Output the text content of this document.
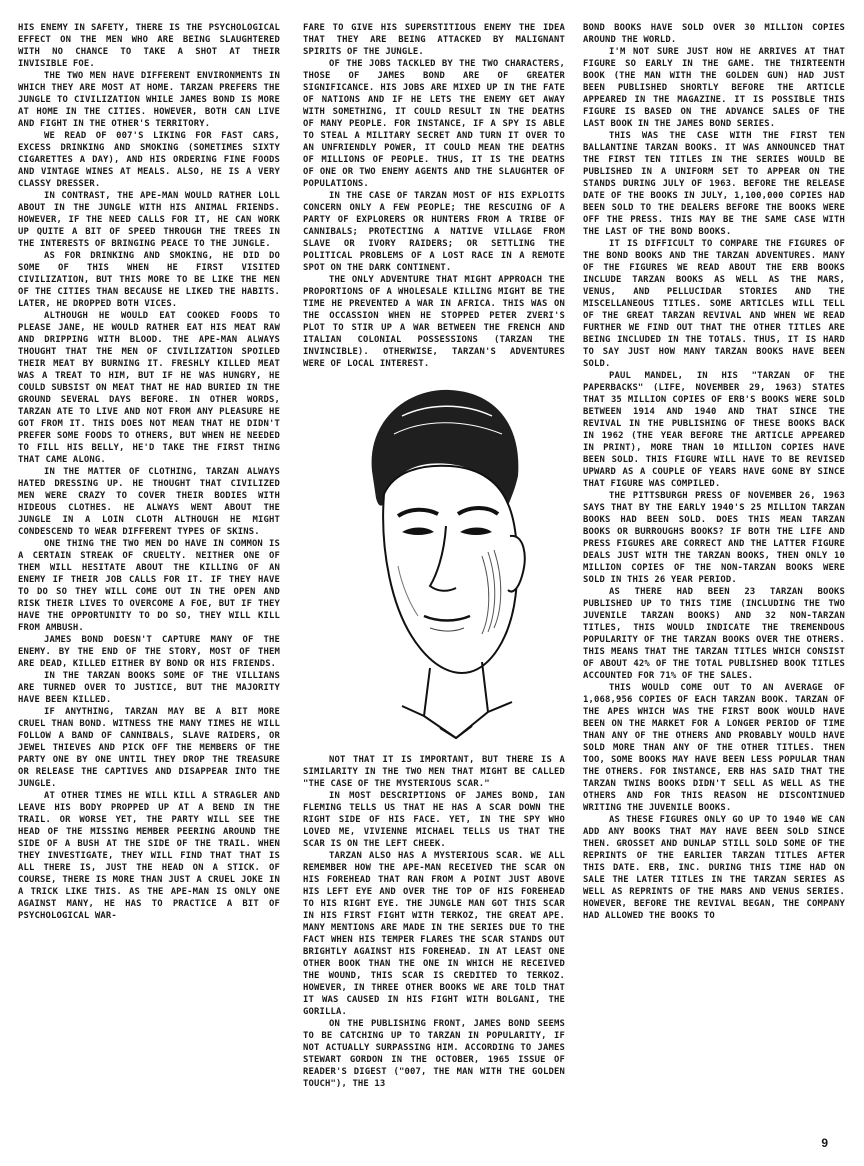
HIS ENEMY IN SAFETY, THERE IS THE PSYCHOLOGICAL EFFECT ON THE MEN WHO ARE BEING SLAUGHTERED WITH NO CHANCE TO TAKE A SHOT AT THEIR INVISIBLE FOE.

THE TWO MEN HAVE DIFFERENT ENVIRONMENTS IN WHICH THEY ARE MOST AT HOME. TARZAN PREFERS THE JUNGLE TO CIVILIZATION WHILE JAMES BOND IS MORE AT HOME IN THE CITIES. HOWEVER, BOTH CAN LIVE AND FIGHT IN THE OTHER'S TERRITORY.

WE READ OF 007'S LIKING FOR FAST CARS, EXCESS DRINKING AND SMOKING (SOMETIMES SIXTY CIGARETTES A DAY), AND HIS ORDERING FINE FOODS AND VINTAGE WINES AT MEALS. ALSO, HE IS A VERY CLASSY DRESSER.

IN CONTRAST, THE APE-MAN WOULD RATHER LOLL ABOUT IN THE JUNGLE WITH HIS ANIMAL FRIENDS. HOWEVER, IF THE NEED CALLS FOR IT, HE CAN WORK UP QUITE A BIT OF SPEED THROUGH THE TREES IN THE INTERESTS OF BRINGING PEACE TO THE JUNGLE.

AS FOR DRINKING AND SMOKING, HE DID DO SOME OF THIS WHEN HE FIRST VISITED CIVILIZATION, BUT THIS MORE TO BE LIKE THE MEN OF THE CITIES THAN BECAUSE HE LIKED THE HABITS. LATER, HE DROPPED BOTH VICES.

ALTHOUGH HE WOULD EAT COOKED FOODS TO PLEASE JANE, HE WOULD RATHER EAT HIS MEAT RAW AND DRIPPING WITH BLOOD. THE APE-MAN ALWAYS THOUGHT THAT THE MEN OF CIVILIZATION SPOILED THEIR MEAT BY BURNING IT. FRESHLY KILLED MEAT WAS A TREAT TO HIM, BUT IF HE WAS HUNGRY, HE COULD SUBSIST ON MEAT THAT HE HAD BURIED IN THE GROUND SEVERAL DAYS BEFORE. IN OTHER WORDS, TARZAN ATE TO LIVE AND NOT FROM ANY PLEASURE HE GOT FROM IT. THIS DOES NOT MEAN THAT HE DIDN'T PREFER SOME FOODS TO OTHERS, BUT WHEN HE NEEDED TO FILL HIS BELLY, HE'D TAKE THE FIRST THING THAT CAME ALONG.

IN THE MATTER OF CLOTHING, TARZAN ALWAYS HATED DRESSING UP. HE THOUGHT THAT CIVILIZED MEN WERE CRAZY TO COVER THEIR BODIES WITH HIDEOUS CLOTHES. HE ALWAYS WENT ABOUT THE JUNGLE IN A LOIN CLOTH ALTHOUGH HE MIGHT CONDESCEND TO WEAR DIFFERENT TYPES OF SKINS.

ONE THING THE TWO MEN DO HAVE IN COMMON IS A CERTAIN STREAK OF CRUELTY. NEITHER ONE OF THEM WILL HESITATE ABOUT THE KILLING OF AN ENEMY IF THEIR JOB CALLS FOR IT. IF THEY HAVE TO DO SO THEY WILL COME OUT IN THE OPEN AND RISK THEIR LIVES TO OVERCOME A FOE, BUT IF THEY HAVE THE OPPORTUNITY TO DO SO, THEY WILL KILL FROM AMBUSH.

JAMES BOND DOESN'T CAPTURE MANY OF THE ENEMY. BY THE END OF THE STORY, MOST OF THEM ARE DEAD, KILLED EITHER BY BOND OR HIS FRIENDS.

IN THE TARZAN BOOKS SOME OF THE VILLIANS ARE TURNED OVER TO JUSTICE, BUT THE MAJORITY HAVE BEEN KILLED.

IF ANYTHING, TARZAN MAY BE A BIT MORE CRUEL THAN BOND. WITNESS THE MANY TIMES HE WILL FOLLOW A BAND OF CANNIBALS, SLAVE RAIDERS, OR JEWEL THIEVES AND PICK OFF THE MEMBERS OF THE PARTY ONE BY ONE UNTIL THEY DROP THE TREASURE OR RELEASE THE CAPTIVES AND DISAPPEAR INTO THE JUNGLE.

AT OTHER TIMES HE WILL KILL A STRAGLER AND LEAVE HIS BODY PROPPED UP AT A BEND IN THE TRAIL. OR WORSE YET, THE PARTY WILL SEE THE HEAD OF THE MISSING MEMBER PEERING AROUND THE SIDE OF A BUSH AT THE SIDE OF THE TRAIL. WHEN THEY INVESTIGATE, THEY WILL FIND THAT THAT IS ALL THERE IS, JUST THE HEAD ON A STICK. OF COURSE, THERE IS MORE THAN JUST A CRUEL JOKE IN A TRICK LIKE THIS. AS THE APE-MAN IS ONLY ONE AGAINST MANY, HE HAS TO PRACTICE A BIT OF PSYCHOLOGICAL WAR-

FARE TO GIVE HIS SUPERSTITIOUS ENEMY THE IDEA THAT THEY ARE BEING ATTACKED BY MALIGNANT SPIRITS OF THE JUNGLE.

OF THE JOBS TACKLED BY THE TWO CHARACTERS, THOSE OF JAMES BOND ARE OF GREATER SIGNIFICANCE. HIS JOBS ARE MIXED UP IN THE FATE OF NATIONS AND IF HE LETS THE ENEMY GET AWAY WITH SOMETHING, IT COULD RESULT IN THE DEATHS OF MANY PEOPLE. FOR INSTANCE, IF A SPY IS ABLE TO STEAL A MILITARY SECRET AND TURN IT OVER TO AN UNFRIENDLY POWER, IT COULD MEAN THE DEATHS OF MILLIONS OF PEOPLE. THUS, IT IS THE DEATHS OF ONE OR TWO ENEMY AGENTS AND THE SLAUGHTER OF POPULATIONS.

IN THE CASE OF TARZAN MOST OF HIS EXPLOITS CONCERN ONLY A FEW PEOPLE; THE RESCUING OF A PARTY OF EXPLORERS OR HUNTERS FROM A TRIBE OF CANNIBALS; PROTECTING A NATIVE VILLAGE FROM SLAVE OR IVORY RAIDERS; OR SETTLING THE POLITICAL PROBLEMS OF A LOST RACE IN A REMOTE SPOT ON THE DARK CONTINENT.

THE ONLY ADVENTURE THAT MIGHT APPROACH THE PROPORTIONS OF A WHOLESALE KILLING MIGHT BE THE TIME HE PREVENTED A WAR IN AFRICA. THIS WAS ON THE OCCASSION WHEN HE STOPPED PETER ZVERI'S PLOT TO STIR UP A WAR BETWEEN THE FRENCH AND ITALIAN COLONIAL POSSESSIONS (TARZAN THE INVINCIBLE). OTHERWISE, TARZAN'S ADVENTURES WERE OF LOCAL INTEREST.

NOT THAT IT IS IMPORTANT, BUT THERE IS A SIMILARITY IN THE TWO MEN THAT MIGHT BE CALLED "THE CASE OF THE MYSTERIOUS SCAR."

IN MOST DESCRIPTIONS OF JAMES BOND, IAN FLEMING TELLS US THAT HE HAS A SCAR DOWN THE RIGHT SIDE OF HIS FACE. YET, IN THE SPY WHO LOVED ME, VIVIENNE MICHAEL TELLS US THAT THE SCAR IS ON THE LEFT CHEEK.

TARZAN ALSO HAS A MYSTERIOUS SCAR. WE ALL REMEMBER HOW THE APE-MAN RECEIVED THE SCAR ON HIS FOREHEAD THAT RAN FROM A POINT JUST ABOVE HIS LEFT EYE AND OVER THE TOP OF HIS FOREHEAD TO HIS RIGHT EYE. THE JUNGLE MAN GOT THIS SCAR IN HIS FIRST FIGHT WITH TERKOZ, THE GREAT APE. MANY MENTIONS ARE MADE IN THE SERIES DUE TO THE FACT WHEN HIS TEMPER FLARES THE SCAR STANDS OUT BRIGHTLY AGAINST HIS FOREHEAD. IN AT LEAST ONE OTHER BOOK THAN THE ONE IN WHICH HE RECEIVED THE WOUND, THIS SCAR IS CREDITED TO TERKOZ. HOWEVER, IN THREE OTHER BOOKS WE ARE TOLD THAT IT WAS CAUSED IN HIS FIGHT WITH BOLGANI, THE GORILLA.

ON THE PUBLISHING FRONT, JAMES BOND SEEMS TO BE CATCHING UP TO TARZAN IN POPULARITY, IF NOT ACTUALLY SURPASSING HIM. ACCORDING TO JAMES STEWART GORDON IN THE OCTOBER, 1965 ISSUE OF READER'S DIGEST ("007, THE MAN WITH THE GOLDEN TOUCH"), THE 13

BOND BOOKS HAVE SOLD OVER 30 MILLION COPIES AROUND THE WORLD.

I'M NOT SURE JUST HOW HE ARRIVES AT THAT FIGURE SO EARLY IN THE GAME. THE THIRTEENTH BOOK (THE MAN WITH THE GOLDEN GUN) HAD JUST BEEN PUBLISHED SHORTLY BEFORE THE ARTICLE APPEARED IN THE MAGAZINE. IT IS POSSIBLE THIS FIGURE IS BASED ON THE ADVANCE SALES OF THE LAST BOOK IN THE JAMES BOND SERIES.

THIS WAS THE CASE WITH THE FIRST TEN BALLANTINE TARZAN BOOKS. IT WAS ANNOUNCED THAT THE FIRST TEN TITLES IN THE SERIES WOULD BE PUBLISHED IN A UNIFORM SET TO APPEAR ON THE STANDS DURING JULY OF 1963. BEFORE THE RELEASE DATE OF THE BOOKS IN JULY, 1,100,000 COPIES HAD BEEN SOLD TO THE DEALERS BEFORE THE BOOKS WERE OFF THE PRESS. THIS MAY BE THE SAME CASE WITH THE LAST OF THE BOND BOOKS.

IT IS DIFFICULT TO COMPARE THE FIGURES OF THE BOND BOOKS AND THE TARZAN ADVENTURES. MANY OF THE FIGURES WE READ ABOUT THE ERB BOOKS INCLUDE TARZAN BOOKS AS WELL AS THE MARS, VENUS, AND PELLUCIDAR STORIES AND THE MISCELLANEOUS TITLES. SOME ARTICLES WILL TELL OF THE GREAT TARZAN REVIVAL AND WHEN WE READ FURTHER WE FIND OUT THAT THE OTHER TITLES ARE BEING INCLUDED IN THE TOTALS. THUS, IT IS HARD TO SAY JUST HOW MANY TARZAN BOOKS HAVE BEEN SOLD.

PAUL MANDEL, IN HIS "TARZAN OF THE PAPERBACKS" (LIFE, NOVEMBER 29, 1963) STATES THAT 35 MILLION COPIES OF ERB'S BOOKS WERE SOLD BETWEEN 1914 AND 1940 AND THAT SINCE THE REVIVAL IN THE PUBLISHING OF THESE BOOKS BACK IN 1962 (THE YEAR BEFORE THE ARTICLE APPEARED IN PRINT), MORE THAN 10 MILLION COPIES HAVE BEEN SOLD. THIS FIGURE WILL HAVE TO BE REVISED UPWARD AS A COUPLE OF YEARS HAVE GONE BY SINCE THAT FIGURE WAS COMPILED.

THE PITTSBURGH PRESS OF NOVEMBER 26, 1963 SAYS THAT BY THE EARLY 1940'S 25 MILLION TARZAN BOOKS HAD BEEN SOLD. DOES THIS MEAN TARZAN BOOKS OR BURROUGHS BOOKS? IF BOTH THE LIFE AND PRESS FIGURES ARE CORRECT AND THE LATTER FIGURE DEALS JUST WITH THE TARZAN BOOKS, THEN ONLY 10 MILLION COPIES OF THE NON-TARZAN BOOKS WERE SOLD IN THIS 26 YEAR PERIOD.

AS THERE HAD BEEN 23 TARZAN BOOKS PUBLISHED UP TO THIS TIME (INCLUDING THE TWO JUVENILE TARZAN BOOKS) AND 32 NON-TARZAN TITLES, THIS WOULD INDICATE THE TREMENDOUS POPULARITY OF THE TARZAN BOOKS OVER THE OTHERS. THIS MEANS THAT THE TARZAN TITLES WHICH CONSIST OF ABOUT 42% OF THE TOTAL PUBLISHED BOOK TITLES ACCOUNTED FOR 71% OF THE SALES.

THIS WOULD COME OUT TO AN AVERAGE OF 1,068,956 COPIES OF EACH TARZAN BOOK. TARZAN OF THE APES WHICH WAS THE FIRST BOOK WOULD HAVE BEEN ON THE MARKET FOR A LONGER PERIOD OF TIME THAN ANY OF THE OTHERS AND PROBABLY WOULD HAVE SOLD MORE THAN ANY OF THE OTHER TITLES. THEN TOO, SOME BOOKS MAY HAVE BEEN LESS POPULAR THAN THE OTHERS. FOR INSTANCE, ERB HAS SAID THAT THE TARZAN TWINS BOOKS DIDN'T SELL AS WELL AS THE OTHERS AND FOR THIS REASON HE DISCONTINUED WRITING THE JUVENILE BOOKS.

AS THESE FIGURES ONLY GO UP TO 1940 WE CAN ADD ANY BOOKS THAT MAY HAVE BEEN SOLD SINCE THEN. GROSSET AND DUNLAP STILL SOLD SOME OF THE REPRINTS OF THE EARLIER TARZAN TITLES AFTER THIS DATE. ERB, INC. DURING THIS TIME HAD ON SALE THE LATER TITLES IN THE TARZAN SERIES AS WELL AS REPRINTS OF THE MARS AND VENUS SERIES. HOWEVER, BEFORE THE REVIVAL BEGAN, THE COMPANY HAD ALLOWED THE BOOKS TO

9
